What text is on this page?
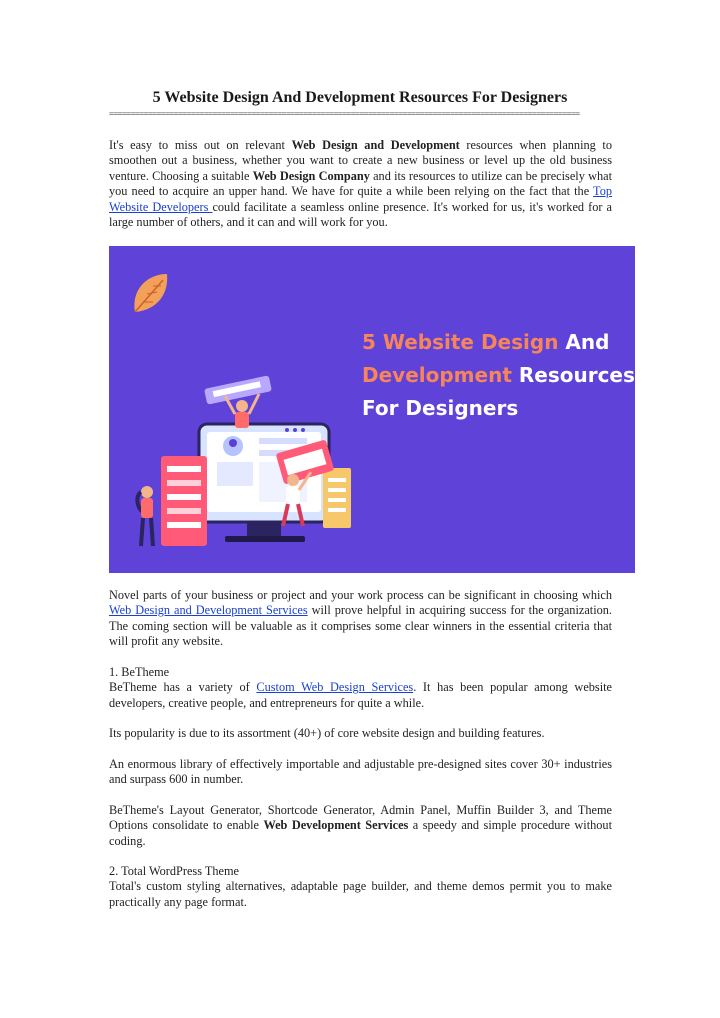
5 Website Design And Development Resources For Designers
=============================================================================================================

It's easy to miss out on relevant Web Design and Development resources when planning to smoothen out a business, whether you want to create a new business or level up the old business venture. Choosing a suitable Web Design Company and its resources to utilize can be precisely what you need to acquire an upper hand. We have for quite a while been relying on the fact that the Top Website Developers could facilitate a seamless online presence. It's worked for us, it's worked for a large number of others, and it can and will work for you.

5 Website Design And
Development Resources
For Designers

Novel parts of your business or project and your work process can be significant in choosing which Web Design and Development Services will prove helpful in acquiring success for the organization. The coming section will be valuable as it comprises some clear winners in the essential criteria that will profit any website.

1. BeTheme
BeTheme has a variety of Custom Web Design Services. It has been popular among website developers, creative people, and entrepreneurs for quite a while.

Its popularity is due to its assortment (40+) of core website design and building features.

An enormous library of effectively importable and adjustable pre-designed sites cover 30+ industries and surpass 600 in number.

BeTheme's Layout Generator, Shortcode Generator, Admin Panel, Muffin Builder 3, and Theme Options consolidate to enable Web Development Services a speedy and simple procedure without coding.

2. Total WordPress Theme
Total's custom styling alternatives, adaptable page builder, and theme demos permit you to make practically any page format.
